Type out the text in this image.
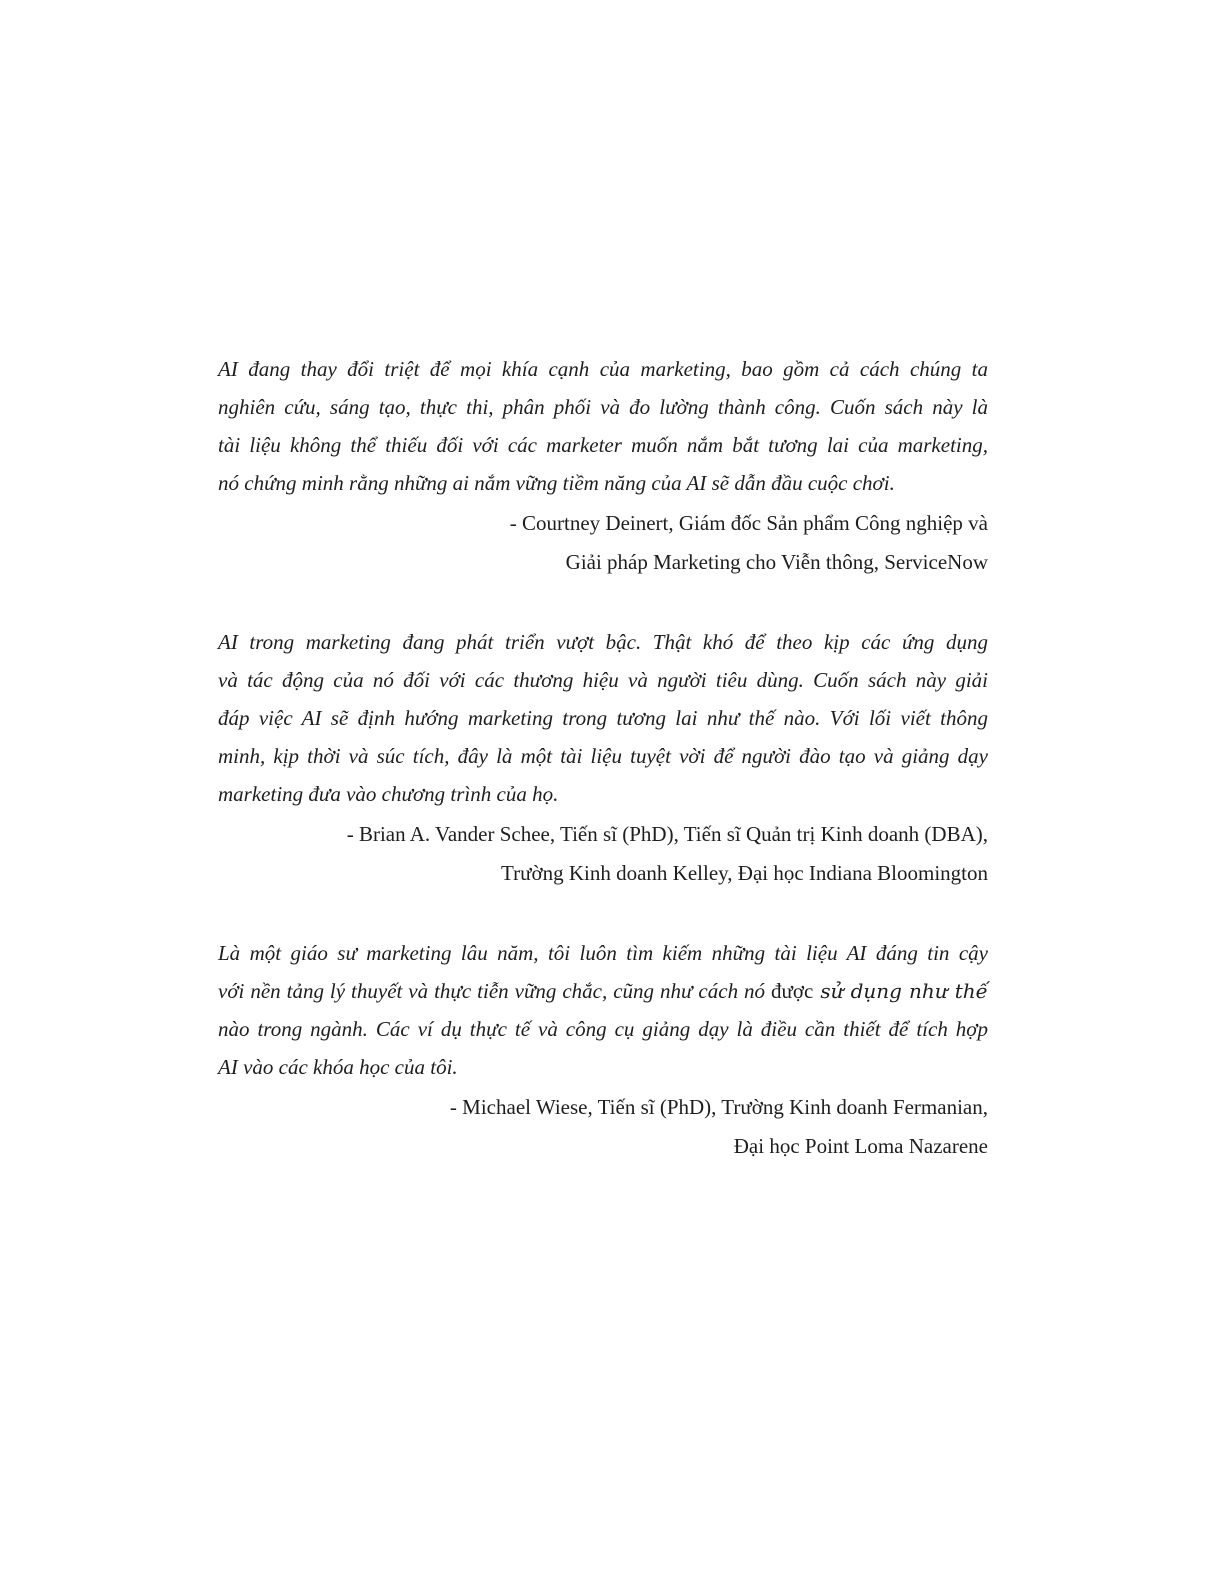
AI đang thay đổi triệt để mọi khía cạnh của marketing, bao gồm cả cách chúng ta
nghiên cứu, sáng tạo, thực thi, phân phối và đo lường thành công. Cuốn sách này là
tài liệu không thể thiếu đối với các marketer muốn nắm bắt tương lai của marketing,
nó chứng minh rằng những ai nắm vững tiềm năng của AI sẽ dẫn đầu cuộc chơi.
- Courtney Deinert, Giám đốc Sản phẩm Công nghiệp và
Giải pháp Marketing cho Viễn thông, ServiceNow
AI trong marketing đang phát triển vượt bậc. Thật khó để theo kịp các ứng dụng
và tác động của nó đối với các thương hiệu và người tiêu dùng. Cuốn sách này giải
đáp việc AI sẽ định hướng marketing trong tương lai như thế nào. Với lối viết thông
minh, kịp thời và súc tích, đây là một tài liệu tuyệt vời để người đào tạo và giảng dạy
marketing đưa vào chương trình của họ.
- Brian A. Vander Schee, Tiến sĩ (PhD), Tiến sĩ Quản trị Kinh doanh (DBA),
Trường Kinh doanh Kelley, Đại học Indiana Bloomington
Là một giáo sư marketing lâu năm, tôi luôn tìm kiếm những tài liệu AI đáng tin cậy
với nền tảng lý thuyết và thực tiễn vững chắc, cũng như cách nó được sử dụng như thế
nào trong ngành. Các ví dụ thực tế và công cụ giảng dạy là điều cần thiết để tích hợp
AI vào các khóa học của tôi.
- Michael Wiese, Tiến sĩ (PhD), Trường Kinh doanh Fermanian,
Đại học Point Loma Nazarene
